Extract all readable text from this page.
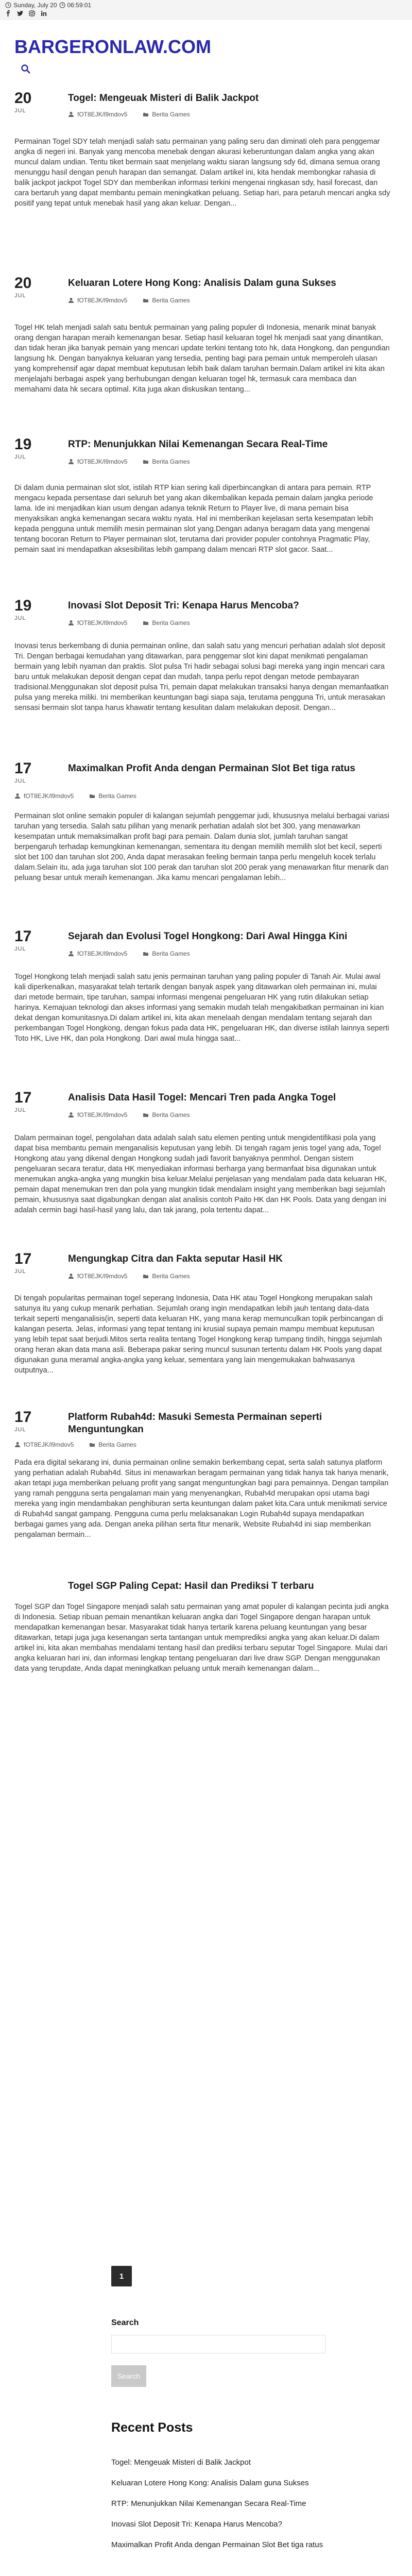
Sunday, July 20 06:59:01
BARGERONLAW.COM
20
JUL
Togel: Mengeuak Misteri di Balik Jackpot
fOT8EJK/l9mdov5	Berita Games
Permainan Togel SDY telah menjadi salah satu permainan yang paling seru dan diminati oleh para penggemar angka di negeri ini. Banyak yang mencoba menebak dengan akurasi keberuntungan dalam angka yang akan muncul dalam undian. Tentu tiket bermain saat menjelang waktu siaran langsung sdy 6d, dimana semua orang menunggu hasil dengan penuh harapan dan semangat. Dalam artikel ini, kita hendak membongkar rahasia di balik jackpot jackpot Togel SDY dan memberikan informasi terkini mengenai ringkasan sdy, hasil forecast, dan cara bertaruh yang dapat membantu pemain meningkatkan peluang. Setiap hari, para petaruh mencari angka sdy positif yang tepat untuk menebak hasil yang akan keluar. Dengan...
20
JUL
Keluaran Lotere Hong Kong: Analisis Dalam guna Sukses
fOT8EJK/l9mdov5	Berita Games
Togel HK telah menjadi salah satu bentuk permainan yang paling populer di Indonesia, menarik minat banyak orang dengan harapan meraih kemenangan besar. Setiap hasil keluaran togel hk menjadi saat yang dinantikan, dan tidak heran jika banyak pemain yang mencari update terkini tentang toto hk, data Hongkong, dan pengundian langsung hk. Dengan banyaknya keluaran yang tersedia, penting bagi para pemain untuk memperoleh ulasan yang komprehensif agar dapat membuat keputusan lebih baik dalam taruhan bermain.Dalam artikel ini kita akan menjelajahi berbagai aspek yang berhubungan dengan keluaran togel hk, termasuk cara membaca dan memahami data hk secara optimal. Kita juga akan diskusikan tentang...
19
JUL
RTP: Menunjukkan Nilai Kemenangan Secara Real-Time
fOT8EJK/l9mdov5	Berita Games
Di dalam dunia permainan slot slot, istilah RTP kian sering kali diperbincangkan di antara para pemain. RTP mengacu kepada persentase dari seluruh bet yang akan dikembalikan kepada pemain dalam jangka periode lama. Ide ini menjadikan kian usum dengan adanya teknik Return to Player live, di mana pemain bisa menyaksikan angka kemenangan secara waktu nyata. Hal ini memberikan kejelasan serta kesempatan lebih kepada pengguna untuk memilih mesin permainan slot yang.Dengan adanya beragam data yang mengenai tentang bocoran Return to Player permainan slot, terutama dari provider populer contohnya Pragmatic Play, pemain saat ini mendapatkan aksesibilitas lebih gampang dalam mencari RTP slot gacor. Saat...
19
JUL
Inovasi Slot Deposit Tri: Kenapa Harus Mencoba?
fOT8EJK/l9mdov5	Berita Games
Inovasi terus berkembang di dunia permainan online, dan salah satu yang mencuri perhatian adalah slot deposit Tri. Dengan berbagai kemudahan yang ditawarkan, para penggemar slot kini dapat menikmati pengalaman bermain yang lebih nyaman dan praktis. Slot pulsa Tri hadir sebagai solusi bagi mereka yang ingin mencari cara baru untuk melakukan deposit dengan cepat dan mudah, tanpa perlu repot dengan metode pembayaran tradisional.Menggunakan slot deposit pulsa Tri, pemain dapat melakukan transaksi hanya dengan memanfaatkan pulsa yang mereka miliki. Ini memberikan keuntungan bagi siapa saja, terutama pengguna Tri, untuk merasakan sensasi bermain slot tanpa harus khawatir tentang kesulitan dalam melakukan deposit. Dengan...
17
JUL
Maximalkan Profit Anda dengan Permainan Slot Bet tiga ratus
fOT8EJK/l9mdov5	Berita Games
Permainan slot online semakin populer di kalangan sejumlah penggemar judi, khususnya melalui berbagai variasi taruhan yang tersedia. Salah satu pilihan yang menarik perhatian adalah slot bet 300, yang menawarkan kesempatan untuk memaksimalkan profit bagi para pemain. Dalam dunia slot, jumlah taruhan sangat berpengaruh terhadap kemungkinan kemenangan, sementara itu dengan memilih memilih slot bet kecil, seperti slot bet 100 dan taruhan slot 200, Anda dapat merasakan feeling bermain tanpa perlu mengeluh kocek terlalu dalam.Selain itu, ada juga taruhan slot 100 perak dan taruhan slot 200 perak yang menawarkan fitur menarik dan peluang besar untuk meraih kemenangan. Jika kamu mencari pengalaman lebih...
17
JUL
Sejarah dan Evolusi Togel Hongkong: Dari Awal Hingga Kini
fOT8EJK/l9mdov5	Berita Games
Togel Hongkong telah menjadi salah satu jenis permainan taruhan yang paling populer di Tanah Air. Mulai awal kali diperkenalkan, masyarakat telah tertarik dengan banyak aspek yang ditawarkan oleh permainan ini, mulai dari metode bermain, tipe taruhan, sampai informasi mengenai pengeluaran HK yang rutin dilakukan setiap harinya. Kemajuan teknologi dan akses informasi yang semakin mudah telah mengakibatkan permainan ini kian dekat dengan komunitasnya.Di dalam artikel ini, kita akan menelaah dengan mendalam tentang sejarah dan perkembangan Togel Hongkong, dengan fokus pada data HK, pengeluaran HK, dan diverse istilah lainnya seperti Toto HK, Live HK, dan pola Hongkong. Dari awal mula hingga saat...
17
JUL
Analisis Data Hasil Togel: Mencari Tren pada Angka Togel
fOT8EJK/l9mdov5	Berita Games
Dalam permainan togel, pengolahan data adalah salah satu elemen penting untuk mengidentifikasi pola yang dapat bisa membantu pemain menganalisis keputusan yang lebih. Di tengah ragam jenis togel yang ada, Togel Hongkong atau yang dikenal dengan Hongkong sudah jadi favorit banyaknya penmhol. Dengan sistem pengeluaran secara teratur, data HK menyediakan informasi berharga yang bermanfaat bisa digunakan untuk menemukan angka-angka yang mungkin bisa keluar.Melalui penjelasan yang mendalam pada data keluaran HK, pemain dapat menemukan tren dan pola yang mungkin tidak mendalam insight yang memberikan bagi sejumlah pemain, khususnya saat digabungkan dengan alat analisis contoh Paito HK dan HK Pools. Data yang dengan ini adalah cermin bagi hasil-hasil yang lalu, dan tak jarang, pola tertentu dapat...
17
JUL
Mengungkap Citra dan Fakta seputar Hasil HK
fOT8EJK/l9mdov5	Berita Games
Di tengah popularitas permainan togel seperang Indonesia, Data HK atau Togel Hongkong merupakan salah satunya itu yang cukup menarik perhatian. Sejumlah orang ingin mendapatkan lebih jauh tentang data-data terkait seperti menganalisis(in, seperti data keluaran HK, yang mana kerap memunculkan topik perbincangan di kalangan peserta. Jelas, informasi yang tepat tentang ini krusial supaya pemain mampu membuat keputusan yang lebih tepat saat berjudi.Mitos serta realita tentang Togel Hongkong kerap tumpang tindih, hingga sejumlah orang heran akan data mana asli. Beberapa pakar sering muncul susunan tertentu dalam HK Pools yang dapat digunakan guna meramal angka-angka yang keluar, sementara yang lain mengemukakan bahwasanya outputnya...
17
JUL
Platform Rubah4d: Masuki Semesta Permainan seperti Menguntungkan
fOT8EJK/l9mdov5	Berita Games
Pada era digital sekarang ini, dunia permainan online semakin berkembang cepat, serta salah satunya platform yang perhatian adalah Rubah4d. Situs ini menawarkan beragam permainan yang tidak hanya tak hanya menarik, akan tetapi juga memberikan peluang profit yang sangat menguntungkan bagi para pemainnya. Dengan tampilan yang ramah pengguna serta pengalaman main yang menyenangkan, Rubah4d merupakan opsi utama bagi mereka yang ingin mendambakan penghiburan serta keuntungan dalam paket kita.Cara untuk menikmati service di Rubah4d sangat gampang. Pengguna cuma perlu melaksanakan Login Rubah4d supaya mendapatkan berbagai games yang ada. Dengan aneka pilihan serta fitur menarik, Website Rubah4d ini siap memberikan pengalaman bermain...
Togel SGP Paling Cepat: Hasil dan Prediksi T terbaru
Togel SGP dan Togel Singapore menjadi salah satu permainan yang amat populer di kalangan pecinta judi angka di Indonesia. Setiap ribuan pemain menantikan keluaran angka dari Togel Singapore dengan harapan untuk mendapatkan kemenangan besar. Masyarakat tidak hanya tertarik karena peluang keuntungan yang besar ditawarkan, tetapi juga juga kesenangan serta tantangan untuk memprediksi angka yang akan keluar.Di dalam artikel ini, kita akan membahas mendalami tentang hasil dan prediksi terbaru seputar Togel Singapore. Mulai dari angka keluaran hari ini, dan informasi lengkap tentang pengeluaran dari live draw SGP. Dengan menggunakan data yang terupdate, Anda dapat meningkatkan peluang untuk meraih kemenangan dalam...
1
Search
Search
Recent Posts
Togel: Mengeuak Misteri di Balik Jackpot
Keluaran Lotere Hong Kong: Analisis Dalam guna Sukses
RTP: Menunjukkan Nilai Kemenangan Secara Real-Time
Inovasi Slot Deposit Tri: Kenapa Harus Mencoba?
Maximalkan Profit Anda dengan Permainan Slot Bet tiga ratus
